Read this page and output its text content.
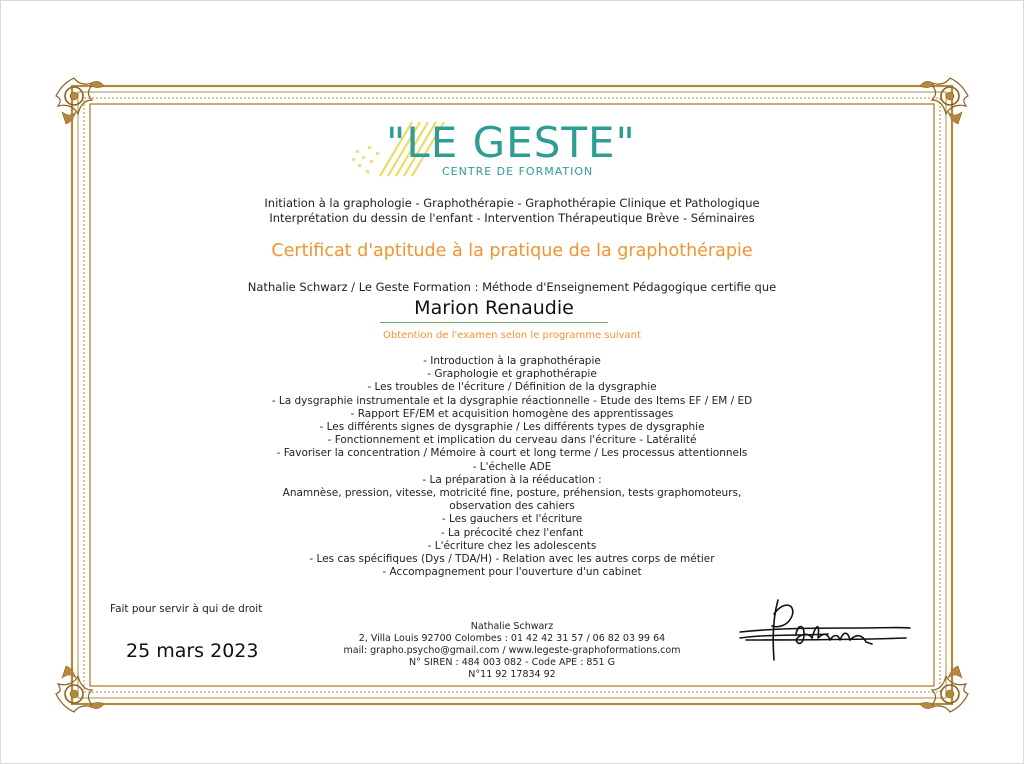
"LE GESTE"
CENTRE DE FORMATION
Initiation à la graphologie - Graphothérapie - Graphothérapie Clinique et Pathologique
Interprétation du dessin de l'enfant - Intervention Thérapeutique Brève - Séminaires
Certificat d'aptitude à la pratique de la graphothérapie
Nathalie Schwarz / Le Geste Formation : Méthode d'Enseignement Pédagogique certifie que
Marion Renaudie
Obtention de l'examen selon le programme suivant
- Introduction à la graphothérapie
- Graphologie et graphothérapie
- Les troubles de l'écriture / Définition de la dysgraphie
- La dysgraphie instrumentale et la dysgraphie réactionnelle - Etude des Items EF / EM / ED
- Rapport EF/EM et acquisition homogène des apprentissages
- Les différents signes de dysgraphie / Les différents types de dysgraphie
- Fonctionnement et implication du cerveau dans l'écriture - Latéralité
- Favoriser la concentration / Mémoire à court et long terme / Les processus attentionnels
- L'échelle ADE
- La préparation à la rééducation :
Anamnèse, pression, vitesse, motricité fine, posture, préhension, tests graphomoteurs,
observation des cahiers
- Les gauchers et l'écriture
- La précocité chez l'enfant
- L'écriture chez les adolescents
- Les cas spécifiques (Dys / TDA/H) - Relation avec les autres corps de métier
- Accompagnement pour l'ouverture d'un cabinet
Fait pour servir à qui de droit
25 mars 2023
Nathalie Schwarz
2, Villa Louis 92700 Colombes : 01 42 42 31 57 / 06 82 03 99 64
mail: grapho.psycho@gmail.com / www.legeste-graphoformations.com
N° SIREN : 484 003 082 - Code APE : 851 G
N°11 92 17834 92
